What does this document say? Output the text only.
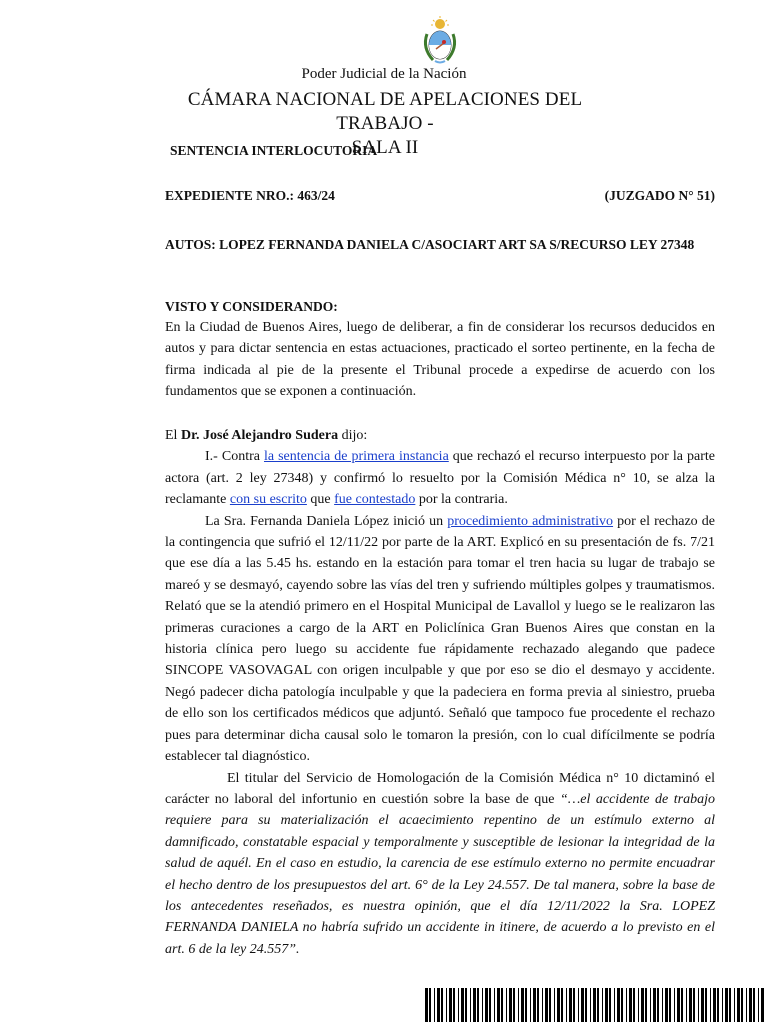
Poder Judicial de la Nación
CÁMARA NACIONAL DE APELACIONES DEL TRABAJO -
SALA II
SENTENCIA INTERLOCUTORIA
EXPEDIENTE NRO.: 463/24	(JUZGADO N° 51)
AUTOS: LOPEZ FERNANDA DANIELA C/ASOCIART ART SA S/RECURSO LEY 27348

VISTO Y CONSIDERANDO:

En la Ciudad de Buenos Aires, luego de deliberar, a fin de considerar los recursos deducidos en autos y para dictar sentencia en estas actuaciones, practicado el sorteo pertinente, en la fecha de firma indicada al pie de la presente el Tribunal procede a expedirse de acuerdo con los fundamentos que se exponen a continuación.

El Dr. José Alejandro Sudera dijo:

I.- Contra la sentencia de primera instancia que rechazó el recurso interpuesto por la parte actora (art. 2 ley 27348) y confirmó lo resuelto por la Comisión Médica n° 10, se alza la reclamante con su escrito que fue contestado por la contraria.

La Sra. Fernanda Daniela López inició un procedimiento administrativo por el rechazo de la contingencia que sufrió el 12/11/22 por parte de la ART. Explicó en su presentación de fs. 7/21 que ese día a las 5.45 hs. estando en la estación para tomar el tren hacia su lugar de trabajo se mareó y se desmayó, cayendo sobre las vías del tren y sufriendo múltiples golpes y traumatismos. Relató que se la atendió primero en el Hospital Municipal de Lavallol y luego se le realizaron las primeras curaciones a cargo de la ART en Policlínica Gran Buenos Aires que constan en la historia clínica pero luego su accidente fue rápidamente rechazado alegando que padece SINCOPE VASOVAGAL con origen inculpable y que por eso se dio el desmayo y accidente. Negó padecer dicha patología inculpable y que la padeciera en forma previa al siniestro, prueba de ello son los certificados médicos que adjuntó. Señaló que tampoco fue procedente el rechazo pues para determinar dicha causal solo le tomaron la presión, con lo cual difícilmente se podría establecer tal diagnóstico.

El titular del Servicio de Homologación de la Comisión Médica n° 10 dictaminó el carácter no laboral del infortunio en cuestión sobre la base de que “…el accidente de trabajo requiere para su materialización el acaecimiento repentino de un estímulo externo al damnificado, constatable espacial y temporalmente y susceptible de lesionar la integridad de la salud de aquél. En el caso en estudio, la carencia de ese estímulo externo no permite encuadrar el hecho dentro de los presupuestos del art. 6° de la Ley 24.557. De tal manera, sobre la base de los antecedentes reseñados, es nuestra opinión, que el día 12/11/2022 la Sra. LOPEZ FERNANDA DANIELA no habría sufrido un accidente in itinere, de acuerdo a lo previsto en el art. 6 de la ley 24.557”.
